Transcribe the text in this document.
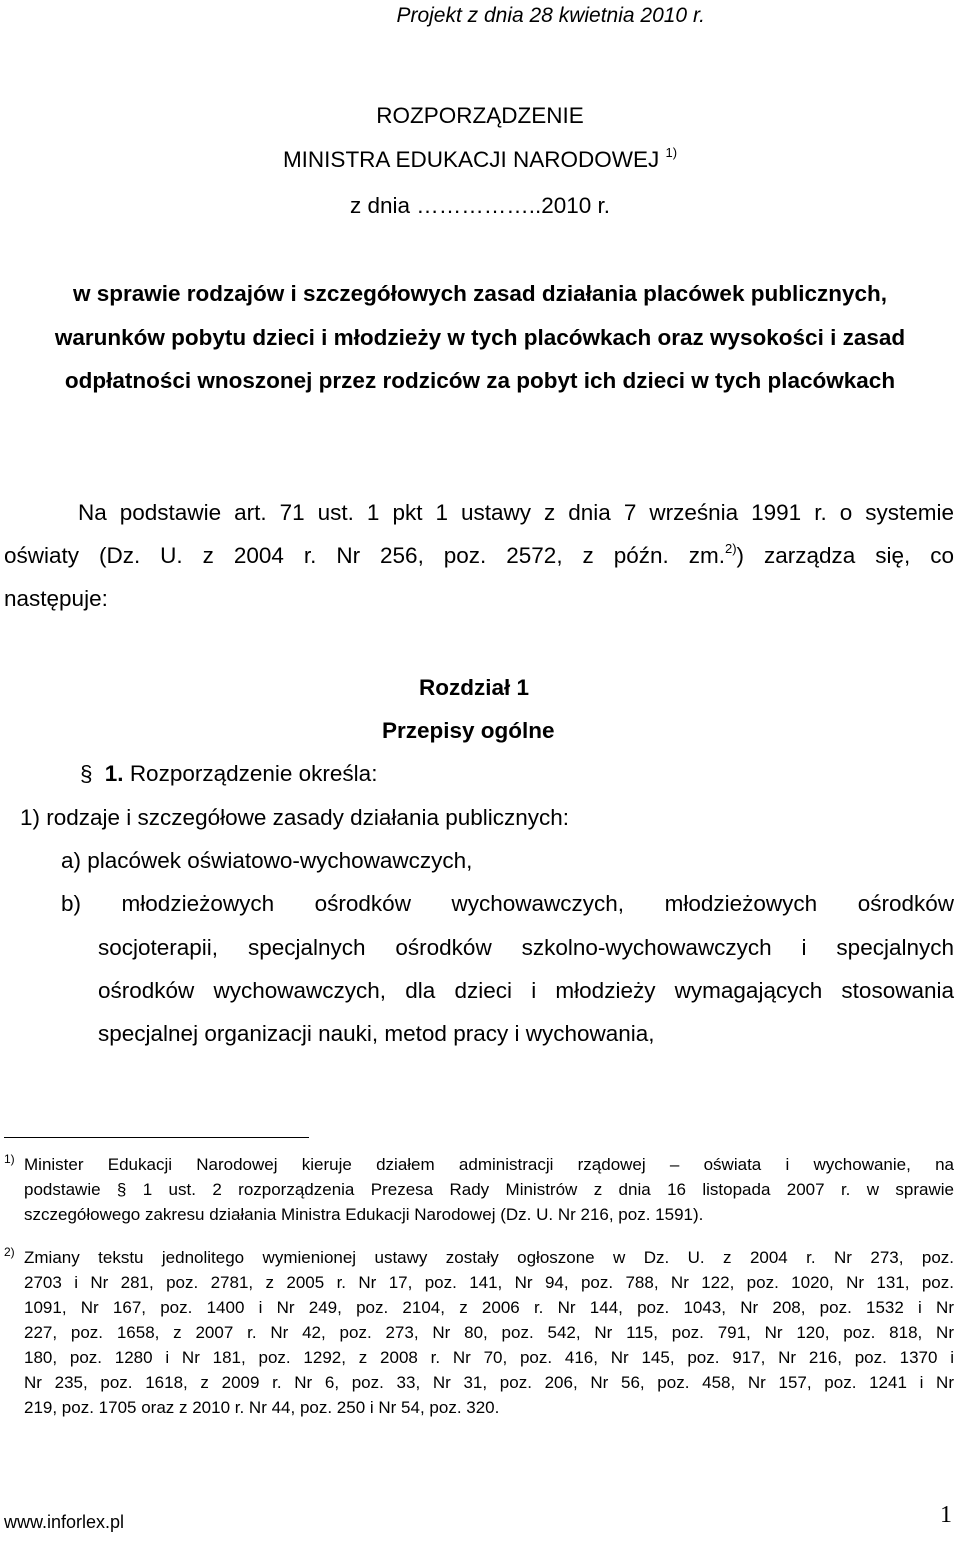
Projekt z dnia 28 kwietnia 2010 r.
ROZPORZĄDZENIE
MINISTRA EDUKACJI NARODOWEJ $^{1)}$
z dnia ……………..2010 r.
w sprawie rodzajów i szczegółowych zasad działania placówek publicznych,
warunków pobytu dzieci i młodzieży w tych placówkach oraz wysokości i zasad
odpłatności wnoszonej przez rodziców za pobyt ich dzieci w tych placówkach
Na podstawie art. 71 ust. 1 pkt 1 ustawy z dnia 7 września 1991 r. o systemie
oświaty (Dz. U. z 2004 r. Nr 256, poz. 2572, z późn. zm.$^{2)}$) zarządza się, co
następuje:
Rozdział 1
Przepisy ogólne
§ 1. Rozporządzenie określa:
1) rodzaje i szczegółowe zasady działania publicznych:
a) placówek oświatowo-wychowawczych,
b) młodzieżowych ośrodków wychowawczych, młodzieżowych ośrodków
socjoterapii, specjalnych ośrodków szkolno-wychowawczych i specjalnych
ośrodków wychowawczych, dla dzieci i młodzieży wymagających stosowania
specjalnej organizacji nauki, metod pracy i wychowania,
1) Minister Edukacji Narodowej kieruje działem administracji rządowej – oświata i wychowanie, na
podstawie § 1 ust. 2 rozporządzenia Prezesa Rady Ministrów z dnia 16 listopada 2007 r. w sprawie
szczegółowego zakresu działania Ministra Edukacji Narodowej (Dz. U. Nr 216, poz. 1591).
2) Zmiany tekstu jednolitego wymienionej ustawy zostały ogłoszone w Dz. U. z 2004 r. Nr 273, poz.
2703 i Nr 281, poz. 2781, z 2005 r. Nr 17, poz. 141, Nr 94, poz. 788, Nr 122, poz. 1020, Nr 131, poz.
1091, Nr 167, poz. 1400 i Nr 249, poz. 2104, z 2006 r. Nr 144, poz. 1043, Nr 208, poz. 1532 i Nr
227, poz. 1658, z 2007 r. Nr 42, poz. 273, Nr 80, poz. 542, Nr 115, poz. 791, Nr 120, poz. 818, Nr
180, poz. 1280 i Nr 181, poz. 1292, z 2008 r. Nr 70, poz. 416, Nr 145, poz. 917, Nr 216, poz. 1370 i
Nr 235, poz. 1618, z 2009 r. Nr 6, poz. 33, Nr 31, poz. 206, Nr 56, poz. 458, Nr 157, poz. 1241 i Nr
219, poz. 1705 oraz z 2010 r. Nr 44, poz. 250 i Nr 54, poz. 320.
www.inforlex.pl	1
